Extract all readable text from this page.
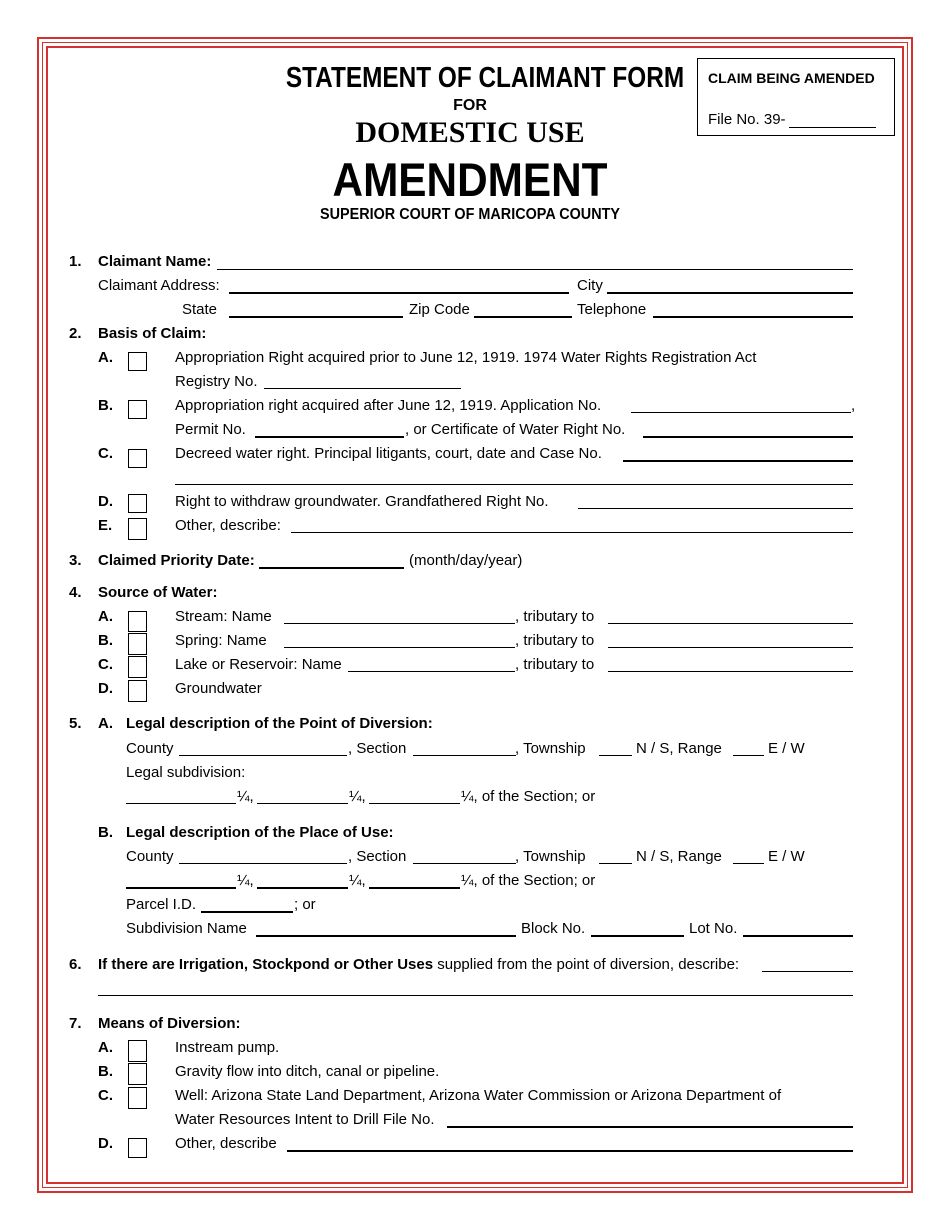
STATEMENT OF CLAIMANT FORM
FOR
DOMESTIC USE
AMENDMENT
SUPERIOR COURT OF MARICOPA COUNTY
CLAIM BEING AMENDED
File No. 39-
1. Claimant Name:
Claimant Address:	City
State	Zip Code	Telephone
2. Basis of Claim:
A.	Appropriation Right acquired prior to June 12, 1919. 1974 Water Rights Registration Act
Registry No.
B.	Appropriation right acquired after June 12, 1919. Application No.	,
Permit No.	, or Certificate of Water Right No.
C.	Decreed water right. Principal litigants, court, date and Case No.
D.	Right to withdraw groundwater. Grandfathered Right No.
E.	Other, describe:
3. Claimed Priority Date:	(month/day/year)
4. Source of Water:
A.	Stream: Name	, tributary to
B.	Spring: Name	, tributary to
C.	Lake or Reservoir: Name	, tributary to
D.	Groundwater
5. A. Legal description of the Point of Diversion:
County	, Section	, Township	N / S, Range	E / W
Legal subdivision:
¼,	¼,	¼, of the Section; or
B. Legal description of the Place of Use:
County	, Section	, Township	N / S, Range	E / W
¼,	¼,	¼, of the Section; or
Parcel I.D.	; or
Subdivision Name	Block No.	Lot No.
6. If there are Irrigation, Stockpond or Other Uses supplied from the point of diversion, describe:
7. Means of Diversion:
A.	Instream pump.
B.	Gravity flow into ditch, canal or pipeline.
C.	Well: Arizona State Land Department, Arizona Water Commission or Arizona Department of
Water Resources Intent to Drill File No.
D.	Other, describe
